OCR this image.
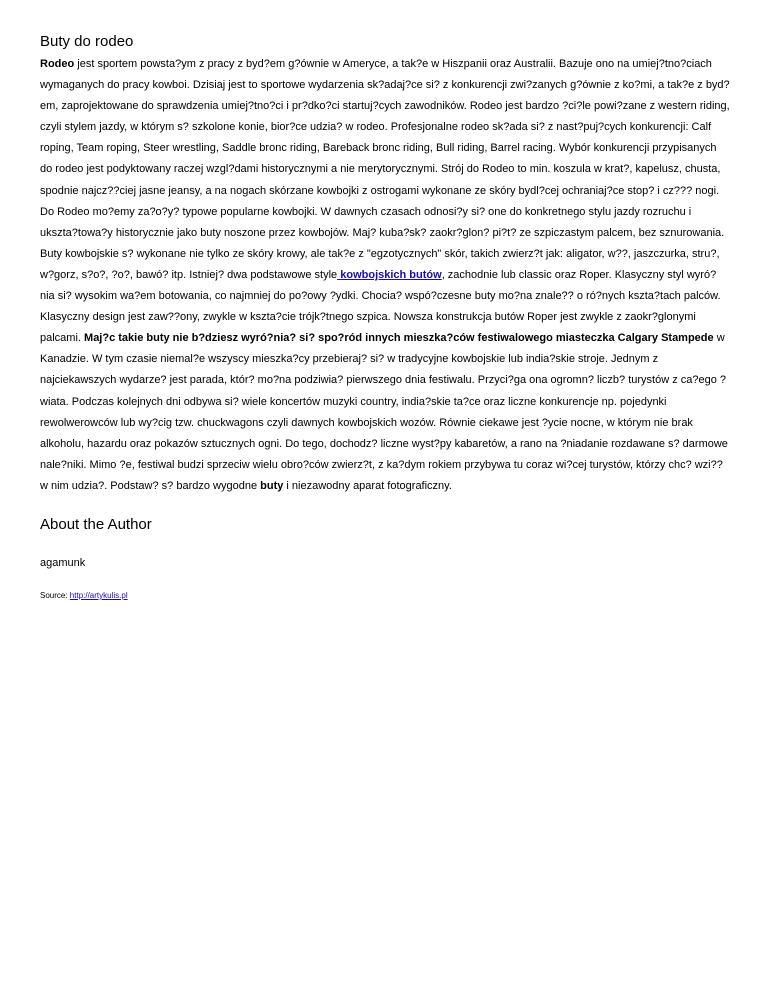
Buty do rodeo

Rodeo jest sportem powsta?ym z pracy z byd?em g?ównie w Ameryce, a tak?e w Hiszpanii oraz Australii. Bazuje ono na umiej?tno?ciach wymaganych do pracy kowboi. Dzisiaj jest to sportowe wydarzenia sk?adaj?ce si? z konkurencji zwi?zanych g?ównie z ko?mi, a tak?e z byd?em, zaprojektowane do sprawdzenia umiej?tno?ci i pr?dko?ci startuj?cych zawodników. Rodeo jest bardzo ?ci?le powi?zane z western riding, czyli stylem jazdy, w którym s? szkolone konie, bior?ce udzia? w rodeo. Profesjonalne rodeo sk?ada si? z nast?puj?cych konkurencji: Calf roping, Team roping, Steer wrestling, Saddle bronc riding, Bareback bronc riding, Bull riding, Barrel racing. Wybór konkurencji przypisanych do rodeo jest podyktowany raczej wzgl?dami historycznymi a nie merytorycznymi. Strój do Rodeo to min. koszula w krat?, kapelusz, chusta, spodnie najcz??ciej jasne jeansy, a na nogach skórzane kowbojki z ostrogami wykonane ze skóry bydl?cej ochraniaj?ce stop? i cz??? nogi. Do Rodeo mo?emy za?o?y? typowe popularne kowbojki. W dawnych czasach odnosi?y si? one do konkretnego stylu jazdy rozruchu i ukszta?towa?y historycznie jako buty noszone przez kowbojów. Maj? kuba?sk? zaokr?glon? pi?t? ze szpiczastym palcem, bez sznurowania. Buty kowbojskie s? wykonane nie tylko ze skóry krowy, ale tak?e z "egzotycznych" skór, takich zwierz?t jak: aligator, w??, jaszczurka, stru?, w?gorz, s?o?, ?o?, bawó? itp. Istniej? dwa podstawowe style kowbojskich butów, zachodnie lub classic oraz Roper. Klasyczny styl wyró?nia si? wysokim wa?em botowania, co najmniej do po?owy ?ydki. Chocia? wspó?czesne buty mo?na znale?? o ró?nych kszta?tach palców. Klasyczny design jest zaw??ony, zwykle w kszta?cie trójk?tnego szpica. Nowsza konstrukcja butów Roper jest zwykle z zaokr?glonymi palcami. Maj?c takie buty nie b?dziesz wyró?nia? si? spo?ród innych mieszka?ców festiwalowego miasteczka Calgary Stampede w Kanadzie. W tym czasie niemal?e wszyscy mieszka?cy przebieraj? si? w tradycyjne kowbojskie lub india?skie stroje. Jednym z najciekawszych wydarze? jest parada, któr? mo?na podziwia? pierwszego dnia festiwalu. Przyci?ga ona ogromn? liczb? turystów z ca?ego ?wiata. Podczas kolejnych dni odbywa si? wiele koncertów muzyki country, india?skie ta?ce oraz liczne konkurencje np. pojedynki rewolwerowców lub wy?cig tzw. chuckwagons czyli dawnych kowbojskich wozów. Równie ciekawe jest ?ycie nocne, w którym nie brak alkoholu, hazardu oraz pokazów sztucznych ogni. Do tego, dochodz? liczne wyst?py kabaretów, a rano na ?niadanie rozdawane s? darmowe nale?niki. Mimo ?e, festiwal budzi sprzeciw wielu obro?ców zwierz?t, z ka?dym rokiem przybywa tu coraz wi?cej turystów, którzy chc? wzi?? w nim udzia?. Podstaw? s? bardzo wygodne buty i niezawodny aparat fotograficzny.

About the Author

agamunk

Source: http://artykulis.pl
